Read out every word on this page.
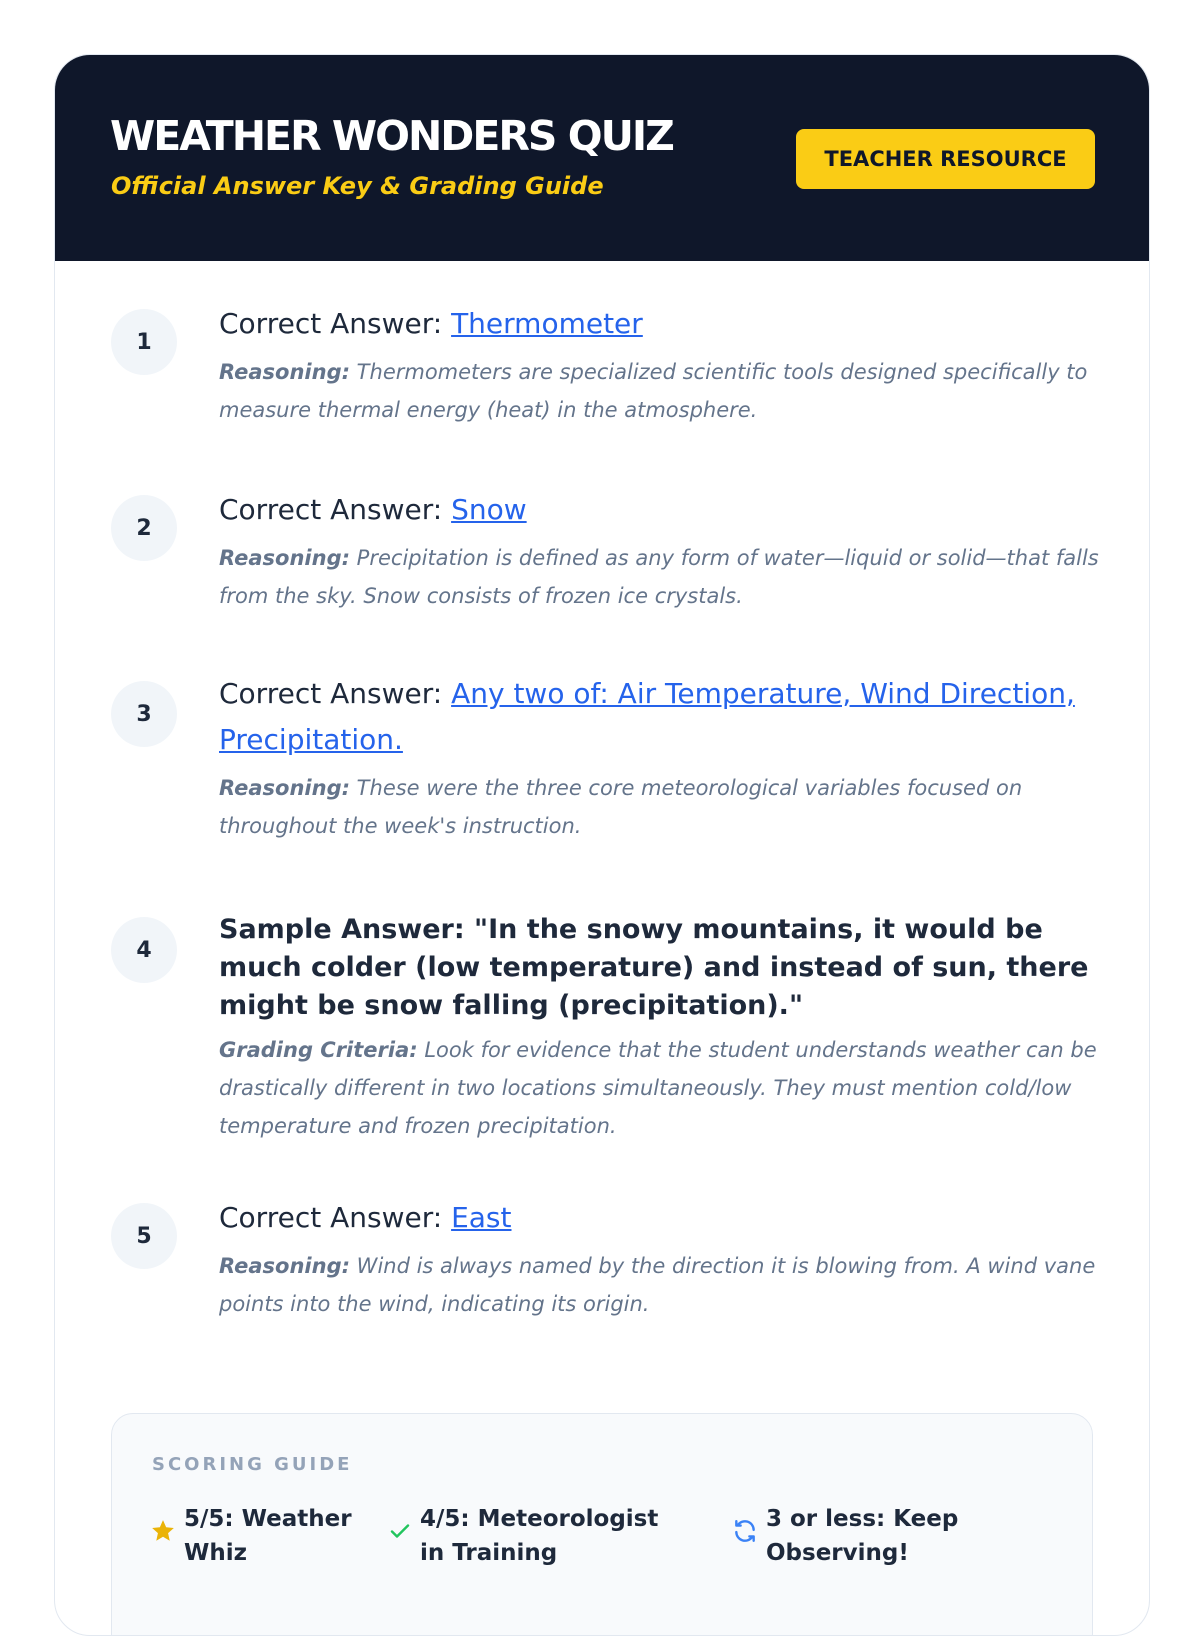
WEATHER WONDERS QUIZ
Official Answer Key & Grading Guide
TEACHER RESOURCE
1
Correct Answer: Thermometer
Reasoning: Thermometers are specialized scientific tools designed specifically to measure thermal energy (heat) in the atmosphere.
2
Correct Answer: Snow
Reasoning: Precipitation is defined as any form of water—liquid or solid—that falls from the sky. Snow consists of frozen ice crystals.
3
Correct Answer: Any two of: Air Temperature, Wind Direction, Precipitation.
Reasoning: These were the three core meteorological variables focused on throughout the week's instruction.
4
Sample Answer: "In the snowy mountains, it would be much colder (low temperature) and instead of sun, there might be snow falling (precipitation)."
Grading Criteria: Look for evidence that the student understands weather can be drastically different in two locations simultaneously. They must mention cold/low temperature and frozen precipitation.
5
Correct Answer: East
Reasoning: Wind is always named by the direction it is blowing from. A wind vane points into the wind, indicating its origin.
SCORING GUIDE
5/5: Weather Whiz
4/5: Meteorologist in Training
3 or less: Keep Observing!
